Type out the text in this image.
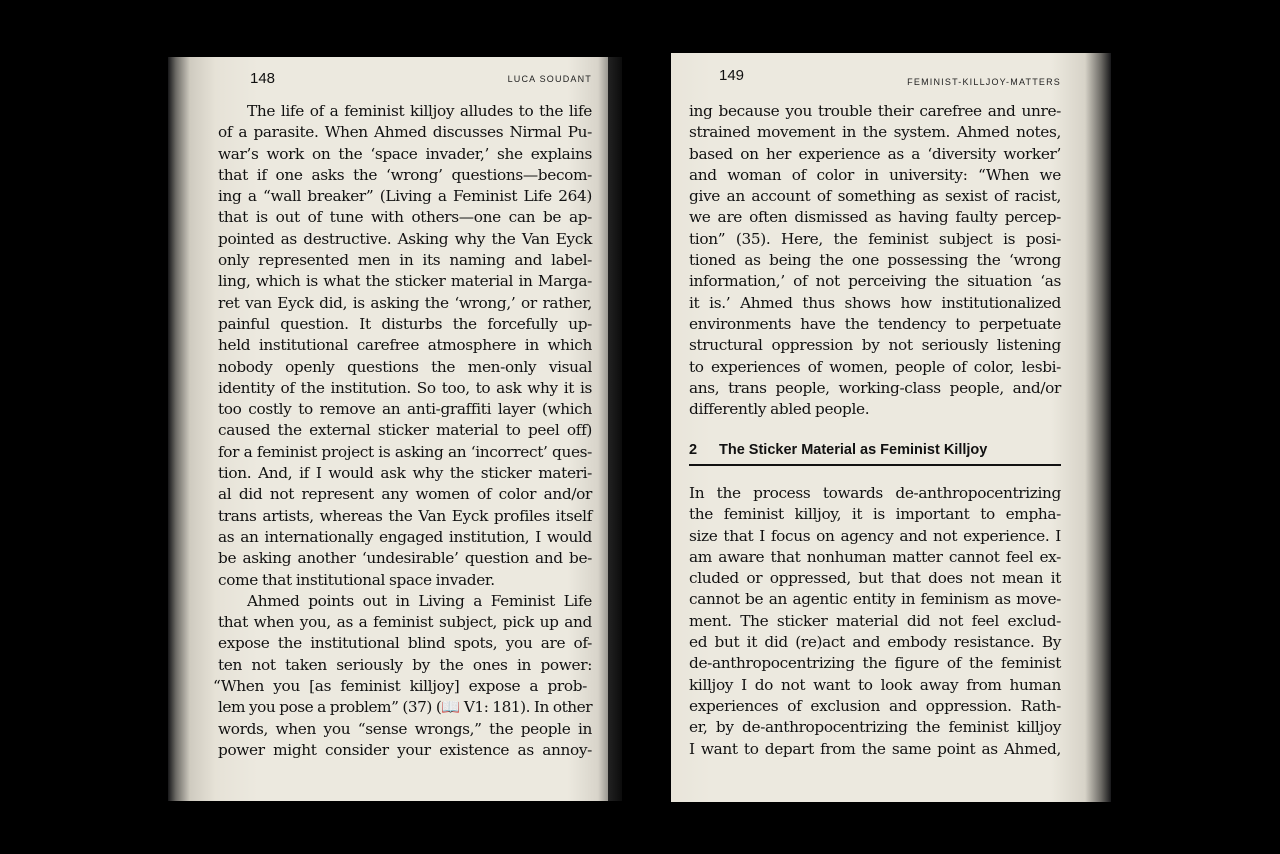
148	LUCA SOUDANT
The life of a feminist killjoy alludes to the life
of a parasite. When Ahmed discusses Nirmal Pu-
war’s work on the ‘space invader,’ she explains
that if one asks the ‘wrong’ questions—becom-
ing a “wall breaker” (Living a Feminist Life 264)
that is out of tune with others—one can be ap-
pointed as destructive. Asking why the Van Eyck
only represented men in its naming and label-
ling, which is what the sticker material in Marga-
ret van Eyck did, is asking the ‘wrong,’ or rather,
painful question. It disturbs the forcefully up-
held institutional carefree atmosphere in which
nobody openly questions the men-only visual
identity of the institution. So too, to ask why it is
too costly to remove an anti-graffiti layer (which
caused the external sticker material to peel off)
for a feminist project is asking an ‘incorrect’ ques-
tion. And, if I would ask why the sticker materi-
al did not represent any women of color and/or
trans artists, whereas the Van Eyck profiles itself
as an internationally engaged institution, I would
be asking another ‘undesirable’ question and be-
come that institutional space invader.
Ahmed points out in Living a Feminist Life
that when you, as a feminist subject, pick up and
expose the institutional blind spots, you are of-
ten not taken seriously by the ones in power:
“When you [as feminist killjoy] expose a prob-
lem you pose a problem” (37) (📖 V1: 181). In other
words, when you “sense wrongs,” the people in
power might consider your existence as annoy-
149	FEMINIST-KILLJOY-MATTERS
ing because you trouble their carefree and unre-
strained movement in the system. Ahmed notes,
based on her experience as a ‘diversity worker’
and woman of color in university: “When we
give an account of something as sexist of racist,
we are often dismissed as having faulty percep-
tion” (35). Here, the feminist subject is posi-
tioned as being the one possessing the ‘wrong
information,’ of not perceiving the situation ‘as
it is.’ Ahmed thus shows how institutionalized
environments have the tendency to perpetuate
structural oppression by not seriously listening
to experiences of women, people of color, lesbi-
ans, trans people, working-class people, and/or
differently abled people.
2 The Sticker Material as Feminist Killjoy
In the process towards de-anthropocentrizing
the feminist killjoy, it is important to empha-
size that I focus on agency and not experience. I
am aware that nonhuman matter cannot feel ex-
cluded or oppressed, but that does not mean it
cannot be an agentic entity in feminism as move-
ment. The sticker material did not feel exclud-
ed but it did (re)act and embody resistance. By
de-anthropocentrizing the figure of the feminist
killjoy I do not want to look away from human
experiences of exclusion and oppression. Rath-
er, by de-anthropocentrizing the feminist killjoy
I want to depart from the same point as Ahmed,
